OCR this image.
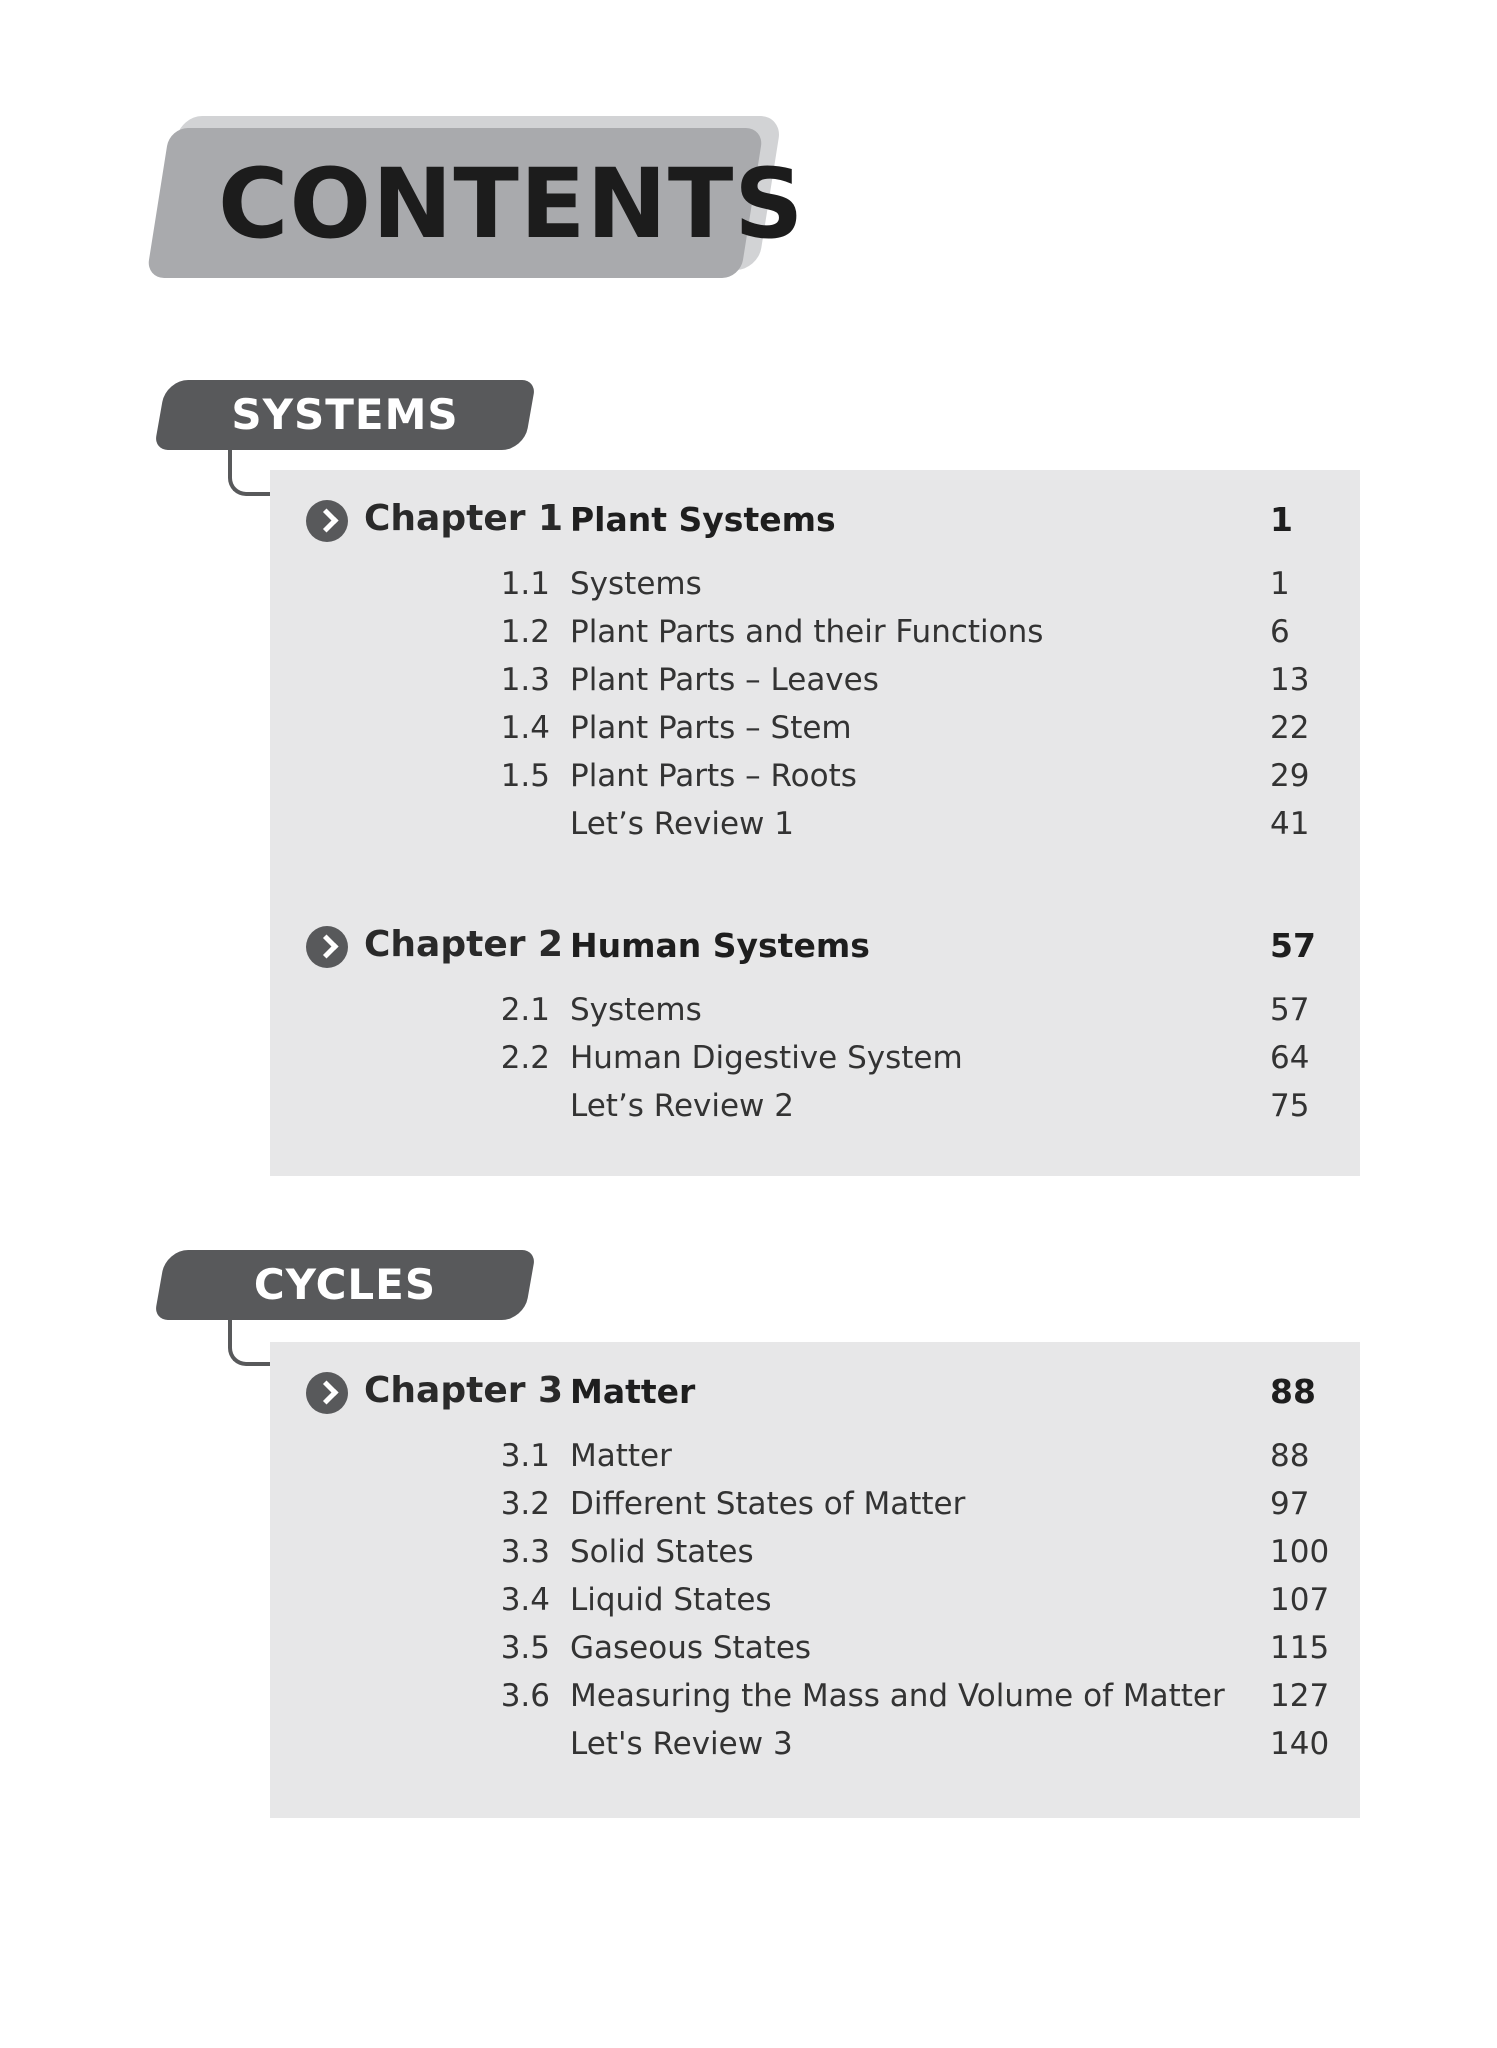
CONTENTS
SYSTEMS
Chapter 1 Plant Systems	1
1.1 Systems	1
1.2 Plant Parts and their Functions	6
1.3 Plant Parts – Leaves	13
1.4 Plant Parts – Stem	22
1.5 Plant Parts – Roots	29
Let’s Review 1	41
Chapter 2 Human Systems	57
2.1 Systems	57
2.2 Human Digestive System	64
Let’s Review 2	75
CYCLES
Chapter 3 Matter	88
3.1 Matter	88
3.2 Different States of Matter	97
3.3 Solid States	100
3.4 Liquid States	107
3.5 Gaseous States	115
3.6 Measuring the Mass and Volume of Matter 127
Let's Review 3	140
